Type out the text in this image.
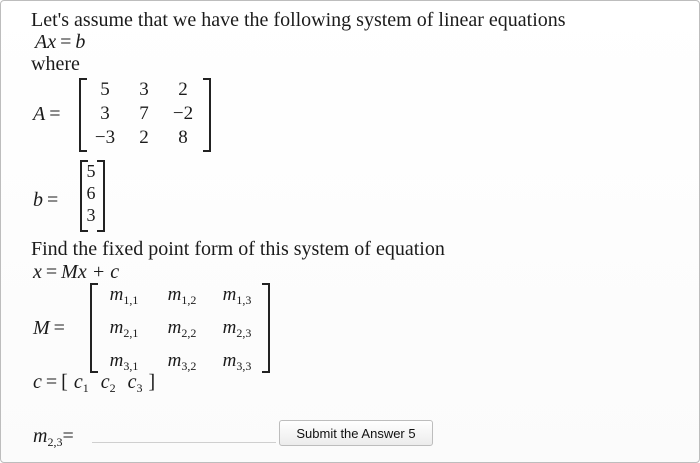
Let's assume that we have the following system of linear equations
Ax = b
where
A =
5	3	2
3	7	−2
−3	2	8
b =
5
6
3
Find the fixed point form of this system of equation
x = Mx + c
M =
$m_{1,1}$	$m_{1,2}$	$m_{1,3}$
$m_{2,1}$	$m_{2,2}$	$m_{2,3}$
$m_{3,1}$	$m_{3,2}$	$m_{3,3}$
c = [ $c_1$ $c_2$ $c_3$ ]
$m_{2,3}=$	Submit the Answer 5
